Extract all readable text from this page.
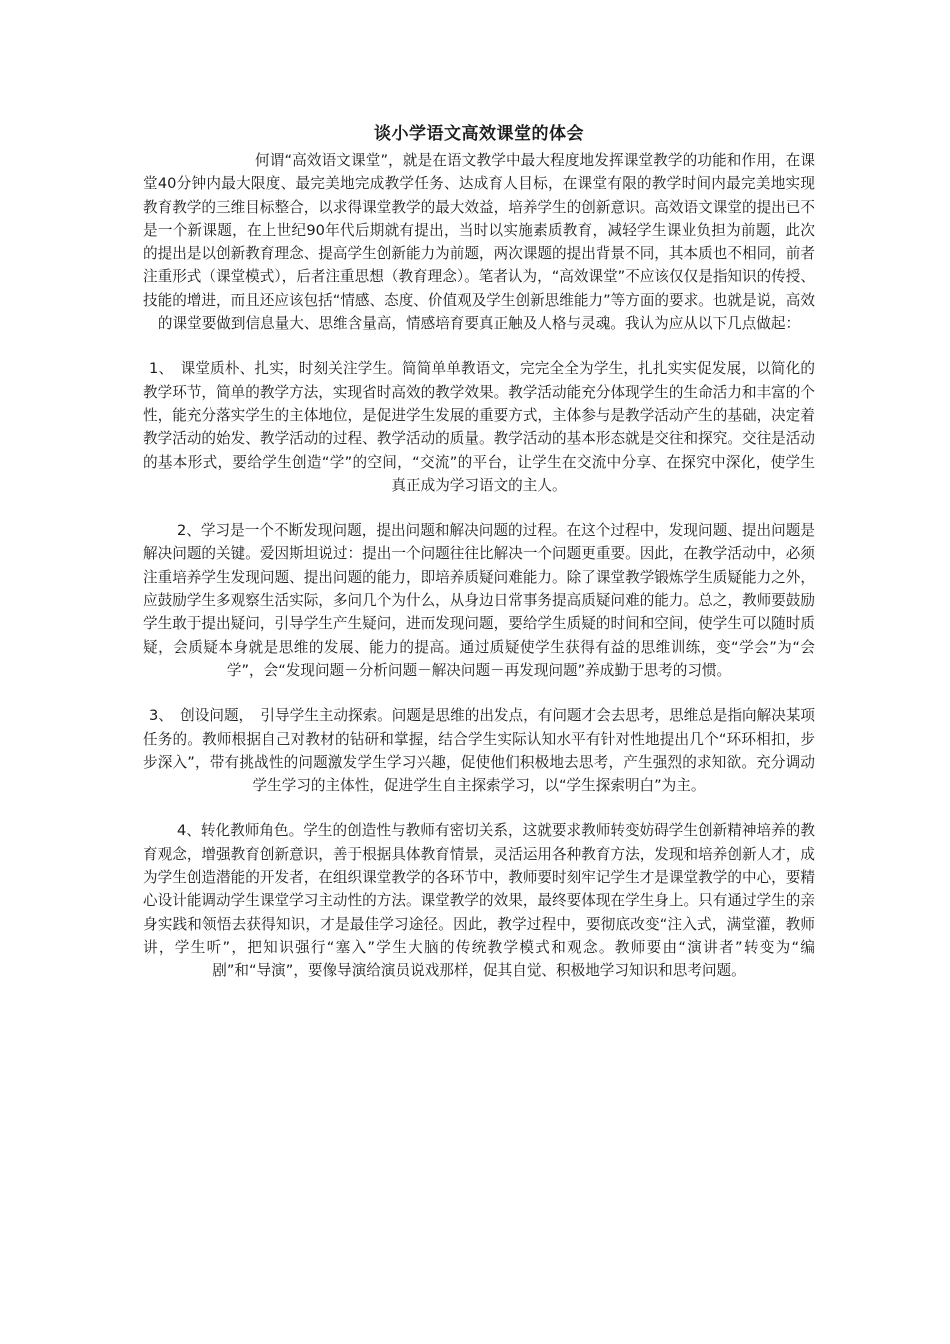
谈小学语文高效课堂的体会

何谓“高效语文课堂”，就是在语文教学中最大程度地发挥课堂教学的功能和作用，在课堂40分钟内最大限度、最完美地完成教学任务、达成育人目标，在课堂有限的教学时间内最完美地实现教育教学的三维目标整合，以求得课堂教学的最大效益，培养学生的创新意识。高效语文课堂的提出已不是一个新课题，在上世纪90年代后期就有提出，当时以实施素质教育，减轻学生课业负担为前题，此次的提出是以创新教育理念、提高学生创新能力为前题，两次课题的提出背景不同，其本质也不相同，前者注重形式（课堂模式），后者注重思想（教育理念）。笔者认为，“高效课堂”不应该仅仅是指知识的传授、技能的增进，而且还应该包括“情感、态度、价值观及学生创新思维能力”等方面的要求。也就是说，高效的课堂要做到信息量大、思维含量高，情感培育要真正触及人格与灵魂。我认为应从以下几点做起：

1、　课堂质朴、扎实，时刻关注学生。简简单单教语文，完完全全为学生，扎扎实实促发展，以简化的教学环节，简单的教学方法，实现省时高效的教学效果。教学活动能充分体现学生的生命活力和丰富的个性，能充分落实学生的主体地位，是促进学生发展的重要方式，主体参与是教学活动产生的基础，决定着教学活动的始发、教学活动的过程、教学活动的质量。教学活动的基本形态就是交往和探究。交往是活动的基本形式，要给学生创造“学”的空间，“交流”的平台，让学生在交流中分享、在探究中深化，使学生真正成为学习语文的主人。

2、学习是一个不断发现问题，提出问题和解决问题的过程。在这个过程中，发现问题、提出问题是解决问题的关键。爱因斯坦说过：提出一个问题往往比解决一个问题更重要。因此，在教学活动中，必须注重培养学生发现问题、提出问题的能力，即培养质疑问难能力。除了课堂教学锻炼学生质疑能力之外，应鼓励学生多观察生活实际，多问几个为什么，从身边日常事务提高质疑问难的能力。总之，教师要鼓励学生敢于提出疑问，引导学生产生疑问，进而发现问题，要给学生质疑的时间和空间，使学生可以随时质疑，会质疑本身就是思维的发展、能力的提高。通过质疑使学生获得有益的思维训练，变“学会”为“会学”，会“发现问题－分析问题－解决问题－再发现问题”养成勤于思考的习惯。

3、　创设问题，　引导学生主动探索。问题是思维的出发点，有问题才会去思考，思维总是指向解决某项任务的。教师根据自己对教材的钻研和掌握，结合学生实际认知水平有针对性地提出几个“环环相扣，步步深入”，带有挑战性的问题激发学生学习兴趣，促使他们积极地去思考，产生强烈的求知欲。充分调动学生学习的主体性，促进学生自主探索学习，以“学生探索明白”为主。

4、转化教师角色。学生的创造性与教师有密切关系，这就要求教师转变妨碍学生创新精神培养的教育观念，增强教育创新意识，善于根据具体教育情景，灵活运用各种教育方法，发现和培养创新人才，成为学生创造潜能的开发者，在组织课堂教学的各环节中，教师要时刻牢记学生才是课堂教学的中心，要精心设计能调动学生课堂学习主动性的方法。课堂教学的效果，最终要体现在学生身上。只有通过学生的亲身实践和领悟去获得知识，才是最佳学习途径。因此，教学过程中，要彻底改变“注入式，满堂灌，教师讲，学生听”，把知识强行“塞入”学生大脑的传统教学模式和观念。教师要由“演讲者”转变为“编剧”和“导演”，要像导演给演员说戏那样，促其自觉、积极地学习知识和思考问题。
